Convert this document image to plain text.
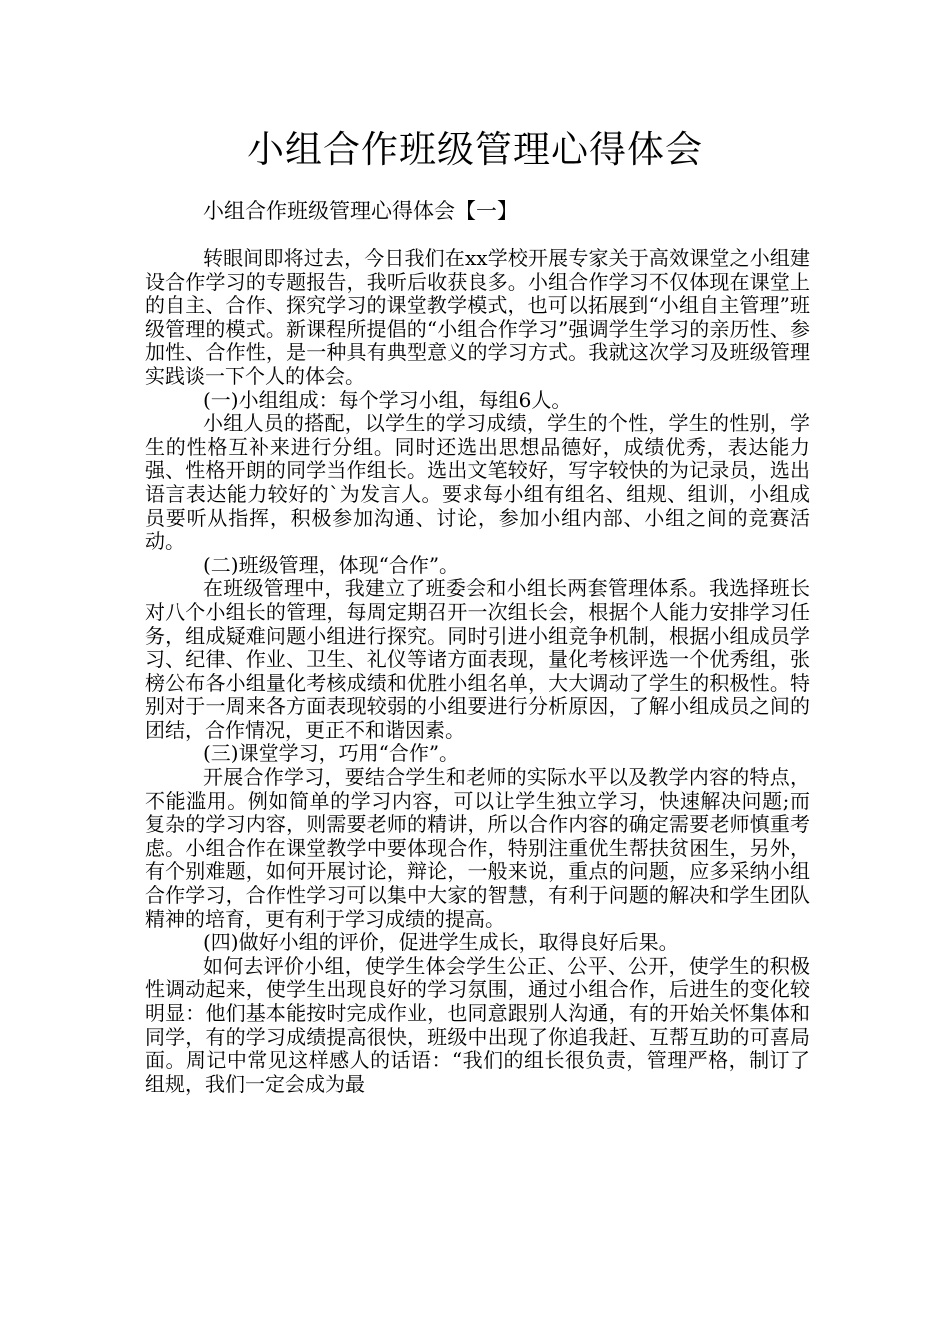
小组合作班级管理心得体会
小组合作班级管理心得体会【一】

转眼间即将过去，今日我们在xx学校开展专家关于高效课堂之小组建设合作学习的专题报告，我听后收获良多。小组合作学习不仅体现在课堂上的自主、合作、探究学习的课堂教学模式，也可以拓展到“小组自主管理”班级管理的模式。新课程所提倡的“小组合作学习”强调学生学习的亲历性、参加性、合作性，是一种具有典型意义的学习方式。我就这次学习及班级管理实践谈一下个人的体会。

(一)小组组成：每个学习小组，每组6人。

小组人员的搭配，以学生的学习成绩，学生的个性，学生的性别，学生的性格互补来进行分组。同时还选出思想品德好，成绩优秀，表达能力强、性格开朗的同学当作组长。选出文笔较好，写字较快的为记录员，选出语言表达能力较好的`为发言人。要求每小组有组名、组规、组训，小组成员要听从指挥，积极参加沟通、讨论，参加小组内部、小组之间的竞赛活动。

(二)班级管理，体现“合作”。

在班级管理中，我建立了班委会和小组长两套管理体系。我选择班长对八个小组长的管理，每周定期召开一次组长会，根据个人能力安排学习任务，组成疑难问题小组进行探究。同时引进小组竞争机制，根据小组成员学习、纪律、作业、卫生、礼仪等诸方面表现，量化考核评选一个优秀组，张榜公布各小组量化考核成绩和优胜小组名单，大大调动了学生的积极性。特别对于一周来各方面表现较弱的小组要进行分析原因，了解小组成员之间的团结，合作情况，更正不和谐因素。

(三)课堂学习，巧用“合作”。

开展合作学习，要结合学生和老师的实际水平以及教学内容的特点，不能滥用。例如简单的学习内容，可以让学生独立学习，快速解决问题;而复杂的学习内容，则需要老师的精讲，所以合作内容的确定需要老师慎重考虑。小组合作在课堂教学中要体现合作，特别注重优生帮扶贫困生，另外，有个别难题，如何开展讨论，辩论，一般来说，重点的问题，应多采纳小组合作学习，合作性学习可以集中大家的智慧，有利于问题的解决和学生团队精神的培育，更有利于学习成绩的提高。

(四)做好小组的评价，促进学生成长，取得良好后果。

如何去评价小组，使学生体会学生公正、公平、公开，使学生的积极性调动起来，使学生出现良好的学习氛围，通过小组合作，后进生的变化较明显：他们基本能按时完成作业，也同意跟别人沟通，有的开始关怀集体和同学，有的学习成绩提高很快，班级中出现了你追我赶、互帮互助的可喜局面。周记中常见这样感人的话语：“我们的组长很负责，管理严格，制订了组规，我们一定会成为最
